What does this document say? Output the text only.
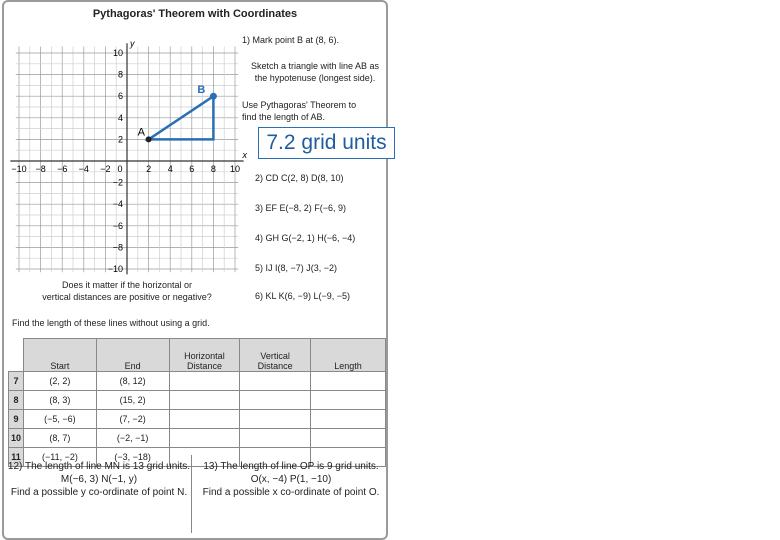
Pythagoras' Theorem with Coordinates
−10 −8 −6 −4 −2 0	2 4 6 8 10
10
8
6
4
2
−2
−4
−6
−8
−10
x
y
A
B
1) Mark point B at (8, 6).
Sketch a triangle with line AB as
the hypotenuse (longest side).
Use Pythagoras' Theorem to
find the length of AB.
2) CD C(2, 8) D(8, 10)
3) EF E(−8, 2) F(−6, 9)
4) GH G(−2, 1) H(−6, −4)
5) IJ I(8, −7) J(3, −2)
6) KL K(6, −9) L(−9, −5)
Does it matter if the horizontal or
vertical distances are positive or negative?
Find the length of these lines without using a grid.
	Start	End	Horizontal Distance	Vertical Distance	Length
7	(2, 2)	(8, 12)			
8	(8, 3)	(15, 2)			
9	(−5, −6)	(7, −2)			
10	(8, 7)	(−2, −1)			
11	(−11, −2)	(−3, −18)			
12) The length of line MN is 13 grid units.
M(−6, 3) N(−1, y)
Find a possible y co-ordinate of point N.
13) The length of line OP is 9 grid units.
O(x, −4) P(1, −10)
Find a possible x co-ordinate of point O.
7.2 grid units
